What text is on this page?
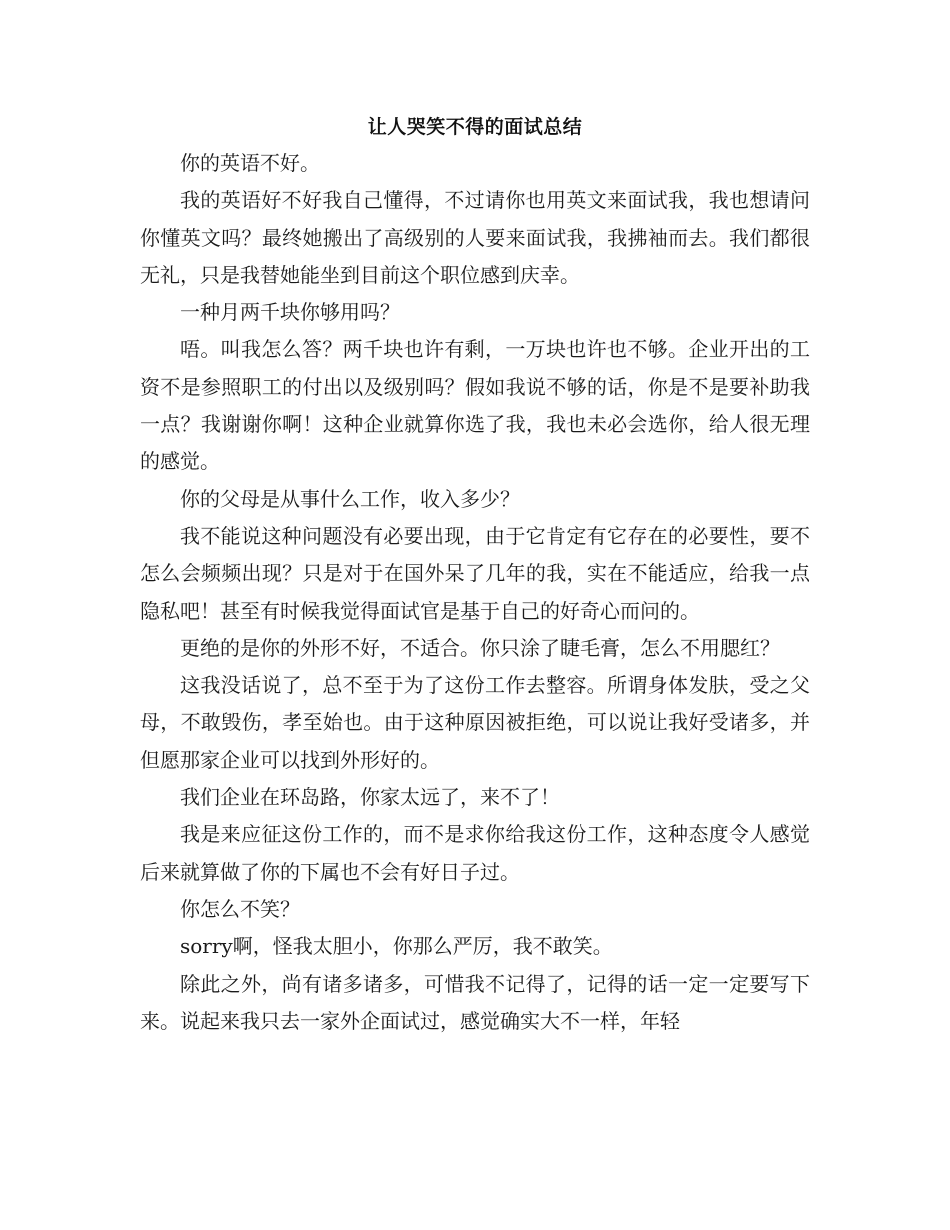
让人哭笑不得的面试总结

你的英语不好。

我的英语好不好我自己懂得，不过请你也用英文来面试我，我也想请问你懂英文吗？最终她搬出了高级别的人要来面试我，我拂袖而去。我们都很无礼，只是我替她能坐到目前这个职位感到庆幸。

一种月两千块你够用吗？

唔。叫我怎么答？两千块也许有剩，一万块也许也不够。企业开出的工资不是参照职工的付出以及级别吗？假如我说不够的话，你是不是要补助我一点？我谢谢你啊！这种企业就算你选了我，我也未必会选你，给人很无理的感觉。

你的父母是从事什么工作，收入多少？

我不能说这种问题没有必要出现，由于它肯定有它存在的必要性，要不怎么会频频出现？只是对于在国外呆了几年的我，实在不能适应，给我一点隐私吧！甚至有时候我觉得面试官是基于自己的好奇心而问的。

更绝的是你的外形不好，不适合。你只涂了睫毛膏，怎么不用腮红？

这我没话说了，总不至于为了这份工作去整容。所谓身体发肤，受之父母，不敢毁伤，孝至始也。由于这种原因被拒绝，可以说让我好受诸多，并但愿那家企业可以找到外形好的。

我们企业在环岛路，你家太远了，来不了！

我是来应征这份工作的，而不是求你给我这份工作，这种态度令人感觉后来就算做了你的下属也不会有好日子过。

你怎么不笑？

sorry啊，怪我太胆小，你那么严厉，我不敢笑。

除此之外，尚有诸多诸多，可惜我不记得了，记得的话一定一定要写下来。说起来我只去一家外企面试过，感觉确实大不一样，年轻
